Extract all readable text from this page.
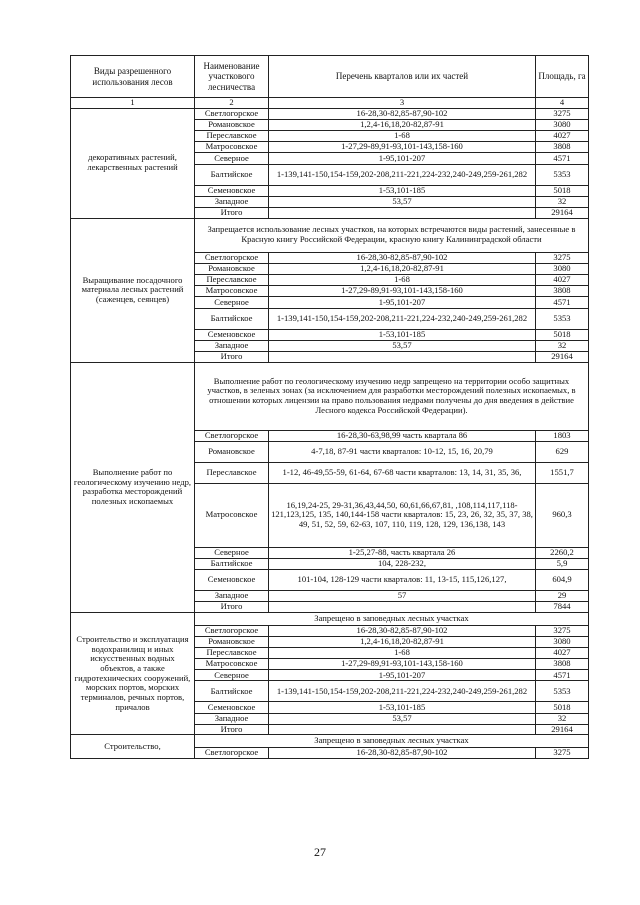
Виды разрешенного использования лесов	Наименование участкового лесничества	Перечень кварталов или их частей	Площадь, га
1	2	3	4
декоративных растений, лекарственных растений	Светлогорское	16-28,30-82,85-87,90-102	3275
	Романовское	1,2,4-16,18,20-82,87-91	3080
	Переславское	1-68	4027
	Матросовское	1-27,29-89,91-93,101-143,158-160	3808
	Северное	1-95,101-207	4571
	Балтийское	1-139,141-150,154-159,202-208,211-221,224-232,240-249,259-261,282	5353
	Семеновское	1-53,101-185	5018
	Западное	53,57	32
	Итого		29164
Выращивание посадочного материала лесных растений (саженцев, сеянцев)	Запрещается использование лесных участков, на которых встречаются виды растений, занесенные в Красную книгу Российской Федерации, красную книгу Калининградской области		
	Светлогорское	16-28,30-82,85-87,90-102	3275
	Романовское	1,2,4-16,18,20-82,87-91	3080
	Переславское	1-68	4027
	Матросовское	1-27,29-89,91-93,101-143,158-160	3808
	Северное	1-95,101-207	4571
	Балтийское	1-139,141-150,154-159,202-208,211-221,224-232,240-249,259-261,282	5353
	Семеновское	1-53,101-185	5018
	Западное	53,57	32
	Итого		29164
Выполнение работ по геологическому изучению недр, разработка месторождений полезных ископаемых	Выполнение работ по геологическому изучению недр запрещено на территории особо защитных участков, в зеленых зонах (за исключением для разработки месторождений полезных ископаемых, в отношении которых лицензии на право пользования недрами получены до дня введения в действие Лесного кодекса Российской Федерации).		
	Светлогорское	16-28,30-63,98,99 часть квартала 86	1803
	Романовское	4-7,18, 87-91 части кварталов: 10-12, 15, 16, 20,79	629
	Переславское	1-12, 46-49,55-59, 61-64, 67-68 части кварталов: 13, 14, 31, 35, 36,	1551,7
	Матросовское	16,19,24-25, 29-31,36,43,44,50, 60,61,66,67,81, ,108,114,117,118-121,123,125, 135, 140,144-158 части кварталов: 15, 23, 26, 32, 35, 37, 38, 49, 51, 52, 59, 62-63, 107, 110, 119, 128, 129, 136,138, 143	960,3
	Северное	1-25,27-88, часть квартала 26	2260,2
	Балтийское	104, 228-232,	5,9
	Семеновское	101-104, 128-129 части кварталов: 11, 13-15, 115,126,127,	604,9
	Западное	57	29
	Итого		7844
Строительство и эксплуатация водохранилищ и иных искусственных водных объектов, а также гидротехнических сооружений, морских портов, морских терминалов, речных портов, причалов	Запрещено в заповедных лесных участках		
	Светлогорское	16-28,30-82,85-87,90-102	3275
	Романовское	1,2,4-16,18,20-82,87-91	3080
	Переславское	1-68	4027
	Матросовское	1-27,29-89,91-93,101-143,158-160	3808
	Северное	1-95,101-207	4571
	Балтийское	1-139,141-150,154-159,202-208,211-221,224-232,240-249,259-261,282	5353
	Семеновское	1-53,101-185	5018
	Западное	53,57	32
	Итого		29164
Строительство,	Запрещено в заповедных лесных участках		
	Светлогорское	16-28,30-82,85-87,90-102	3275
27
